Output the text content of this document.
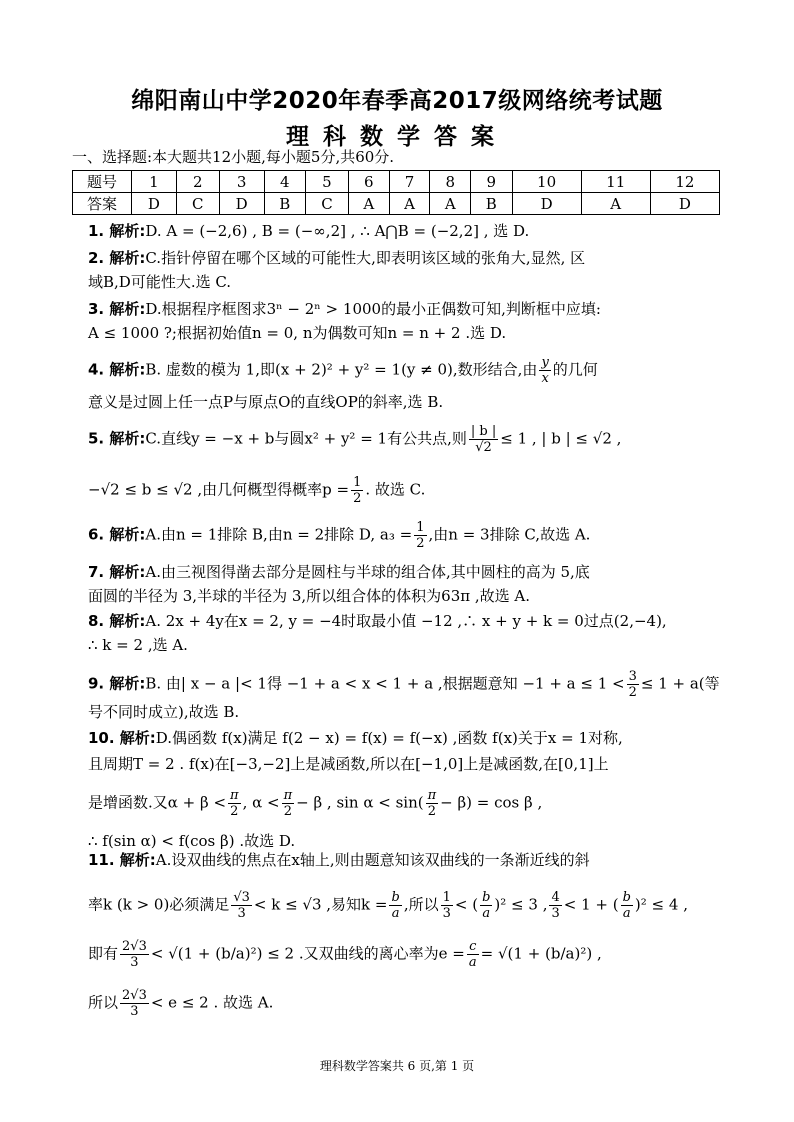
绵阳南山中学2020年春季高2017级网络统考试题
理科数学答案
一、选择题:本大题共12小题,每小题5分,共60分.
题号	1	2	3	4	5	6	7	8	9	10	11	12
答案	D	C	D	B	C	A	A	A	B	D	A	D
1. 解析:D. A = (−2,6) , B = (−∞,2] , ∴ A⋂B = (−2,2] , 选 D.
2. 解析:C.指针停留在哪个区域的可能性大,即表明该区域的张角大,显然, 区
域B,D可能性大.选 C.
3. 解析:D.根据程序框图求3ⁿ − 2ⁿ > 1000的最小正偶数可知,判断框中应填:
A ≤ 1000 ?;根据初始值n = 0, n为偶数可知n = n + 2 .选 D.
4. 解析:B. 虚数的模为 1,即(x + 2)² + y² = 1(y ≠ 0),数形结合,由 $\frac{y}{x}$ 的几何
意义是过圆上任一点P与原点O的直线OP的斜率,选 B.
5. 解析:C.直线y = −x + b与圆x² + y² = 1有公共点,则 $\frac{| b |}{√2} \le 1$ , | b | ≤ √2 ,
−√2 ≤ b ≤ √2 ,由几何概型得概率$p = \frac{1}{2}$ . 故选 C.
6. 解析:A.由n = 1排除 B,由n = 2排除 D, $a_3 = \frac{1}{2}$ ,由n = 3排除 C,故选 A.
7. 解析:A.由三视图得凿去部分是圆柱与半球的组合体,其中圆柱的高为 5,底
面圆的半径为 3,半球的半径为 3,所以组合体的体积为63π ,故选 A.
8. 解析:A. 2x + 4y在x = 2, y = −4时取最小值 −12 ,∴ x + y + k = 0过点(2,−4),
∴ k = 2 ,选 A.
9. 解析:B. 由| x − a |< 1得 −1 + a < x < 1 + a ,根据题意知 $-1 + a \le 1 < \frac{3}{2} \le 1 + a$(等
号不同时成立),故选 B.
10. 解析:D.偶函数 f(x)满足 f(2 − x) = f(x) = f(−x) ,函数 f(x)关于x = 1对称,
且周期T = 2 . f(x)在[−3,−2]上是减函数,所以在[−1,0]上是减函数,在[0,1]上
是增函数.又$\alpha + \beta < \frac{\pi}{2}$ , $\alpha < \frac{\pi}{2} - \beta$ , $\sin \alpha < \sin( \frac{\pi}{2} - \beta) = \cos \beta$ ,
∴ f(sin α) < f(cos β) .故选 D.
11. 解析:A.设双曲线的焦点在x轴上,则由题意知该双曲线的一条渐近线的斜
率k (k > 0)必须满足 $\frac{√3}{3} < k \le √3$ ,易知$k = \frac{b}{a}$ ,所以 $\frac{1}{3}$ < ( $\frac{b}{a} )^2 \le 3$ , $\frac{4}{3} < 1$ + ( $\frac{b}{a} )^2 \le 4$ ,
即有 $\frac{2√3}{3} < √(1 + (b/a)^2) \le 2$ .又双曲线的离心率为$e = \frac{c}{a} = √(1 + (b/a)^2)$ ,
所以 $\frac{2√3}{3} < e \le 2$ . 故选 A.
理科数学答案共 6 页,第 1 页
